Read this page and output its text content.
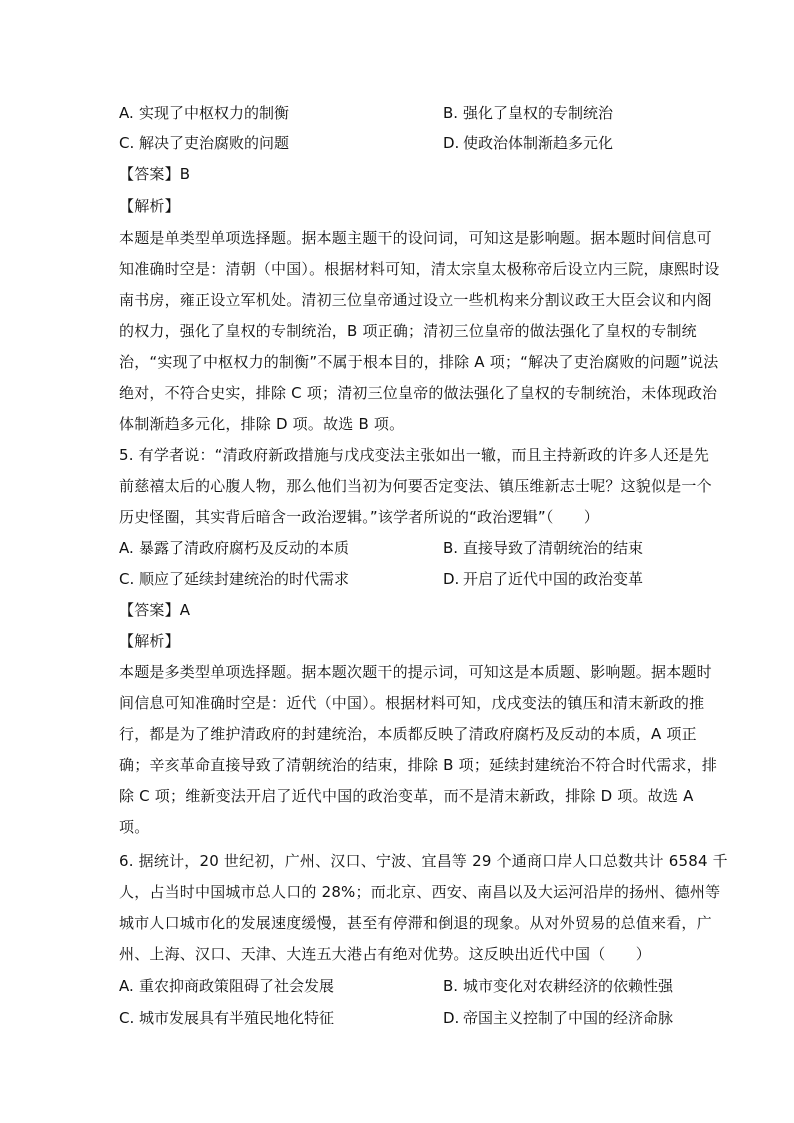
A. 实现了中枢权力的制衡	B. 强化了皇权的专制统治
C. 解决了吏治腐败的问题	D. 使政治体制渐趋多元化
【答案】B
【解析】
本题是单类型单项选择题。据本题主题干的设问词，可知这是影响题。据本题时间信息可
知准确时空是：清朝（中国）。根据材料可知，清太宗皇太极称帝后设立内三院，康熙时设
南书房，雍正设立军机处。清初三位皇帝通过设立一些机构来分割议政王大臣会议和内阁
的权力，强化了皇权的专制统治，B 项正确；清初三位皇帝的做法强化了皇权的专制统
治，“实现了中枢权力的制衡”不属于根本目的，排除 A 项；“解决了吏治腐败的问题”说法
绝对，不符合史实，排除 C 项；清初三位皇帝的做法强化了皇权的专制统治，未体现政治
体制渐趋多元化，排除 D 项。故选 B 项。
5. 有学者说：“清政府新政措施与戊戌变法主张如出一辙，而且主持新政的许多人还是先
前慈禧太后的心腹人物，那么他们当初为何要否定变法、镇压维新志士呢？这貌似是一个
历史怪圈，其实背后暗含一政治逻辑。”该学者所说的“政治逻辑”（　　）
A. 暴露了清政府腐朽及反动的本质	B. 直接导致了清朝统治的结束
C. 顺应了延续封建统治的时代需求	D. 开启了近代中国的政治变革
【答案】A
【解析】
本题是多类型单项选择题。据本题次题干的提示词，可知这是本质题、影响题。据本题时
间信息可知准确时空是：近代（中国）。根据材料可知，戊戌变法的镇压和清末新政的推
行，都是为了维护清政府的封建统治，本质都反映了清政府腐朽及反动的本质，A 项正
确；辛亥革命直接导致了清朝统治的结束，排除 B 项；延续封建统治不符合时代需求，排
除 C 项；维新变法开启了近代中国的政治变革，而不是清末新政，排除 D 项。故选 A
项。
6. 据统计，20 世纪初，广州、汉口、宁波、宜昌等 29 个通商口岸人口总数共计 6584 千
人，占当时中国城市总人口的 28%；而北京、西安、南昌以及大运河沿岸的扬州、德州等
城市人口城市化的发展速度缓慢，甚至有停滞和倒退的现象。从对外贸易的总值来看，广
州、上海、汉口、天津、大连五大港占有绝对优势。这反映出近代中国（　　）
A. 重农抑商政策阻碍了社会发展	B. 城市变化对农耕经济的依赖性强
C. 城市发展具有半殖民地化特征	D. 帝国主义控制了中国的经济命脉
